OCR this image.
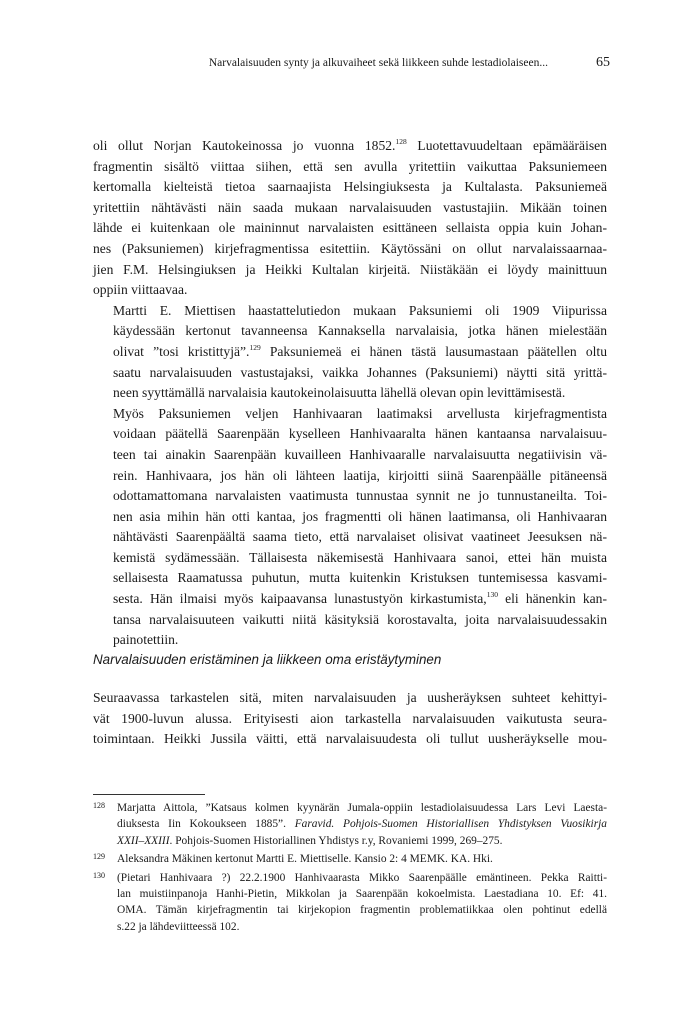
Narvalaisuuden synty ja alkuvaiheet sekä liikkeen suhde lestadiolaiseen...	65

oli ollut Norjan Kautokeinossa jo vuonna 1852.$^{128}$ Luotettavuudeltaan epämääräisen
fragmentin sisältö viittaa siihen, että sen avulla yritettiin vaikuttaa Paksuniemeen
kertomalla kielteistä tietoa saarnaajista Helsingiuksesta ja Kultalasta. Paksuniemeä
yritettiin nähtävästi näin saada mukaan narvalaisuuden vastustajiin. Mikään toinen
lähde ei kuitenkaan ole maininnut narvalaisten esittäneen sellaista oppia kuin Johan-
nes (Paksuniemen) kirjefragmentissa esitettiin. Käytössäni on ollut narvalaissaarnaa-
jien F.M. Helsingiuksen ja Heikki Kultalan kirjeitä. Niistäkään ei löydy mainittuun
oppiin viittaavaa.

Martti E. Miettisen haastattelutiedon mukaan Paksuniemi oli 1909 Viipurissa
käydessään kertonut tavanneensa Kannaksella narvalaisia, jotka hänen mielestään
olivat ”tosi kristittyjä”.$^{129}$ Paksuniemeä ei hänen tästä lausumastaan päätellen oltu
saatu narvalaisuuden vastustajaksi, vaikka Johannes (Paksuniemi) näytti sitä yrittä-
neen syyttämällä narvalaisia kautokeinolaisuutta lähellä olevan opin levittämisestä.

Myös Paksuniemen veljen Hanhivaaran laatimaksi arvellusta kirjefragmentista
voidaan päätellä Saarenpään kyselleen Hanhivaaralta hänen kantaansa narvalaisuu-
teen tai ainakin Saarenpään kuvailleen Hanhivaaralle narvalaisuutta negatiivisin vä-
rein. Hanhivaara, jos hän oli lähteen laatija, kirjoitti siinä Saarenpäälle pitäneensä
odottamattomana narvalaisten vaatimusta tunnustaa synnit ne jo tunnustaneilta. Toi-
nen asia mihin hän otti kantaa, jos fragmentti oli hänen laatimansa, oli Hanhivaaran
nähtävästi Saarenpäältä saama tieto, että narvalaiset olisivat vaatineet Jeesuksen nä-
kemistä sydämessään. Tällaisesta näkemisestä Hanhivaara sanoi, ettei hän muista
sellaisesta Raamatussa puhutun, mutta kuitenkin Kristuksen tuntemisessa kasvami-
sesta. Hän ilmaisi myös kaipaavansa lunastustyön kirkastumista,$^{130}$ eli hänenkin kan-
tansa narvalaisuuteen vaikutti niitä käsityksiä korostavalta, joita narvalaisuudessakin
painotettiin.

Narvalaisuuden eristäminen ja liikkeen oma eristäytyminen

Seuraavassa tarkastelen sitä, miten narvalaisuuden ja uusheräyksen suhteet kehittyi-
vät 1900-luvun alussa. Erityisesti aion tarkastella narvalaisuuden vaikutusta seura-
toimintaan. Heikki Jussila väitti, että narvalaisuudesta oli tullut uusheräykselle mou-

128 Marjatta Aittola, ”Katsaus kolmen kyynärän Jumala-oppiin lestadiolaisuudessa Lars Levi Laesta-
diuksesta Iin Kokoukseen 1885”. Faravid. Pohjois-Suomen Historiallisen Yhdistyksen Vuosikirja
XXII–XXIII. Pohjois-Suomen Historiallinen Yhdistys r.y, Rovaniemi 1999, 269–275.
129 Aleksandra Mäkinen kertonut Martti E. Miettiselle. Kansio 2: 4 MEMK. KA. Hki.
130 (Pietari Hanhivaara ?) 22.2.1900 Hanhivaarasta Mikko Saarenpäälle emäntineen. Pekka Raitti-
lan muistiinpanoja Hanhi-Pietin, Mikkolan ja Saarenpään kokoelmista. Laestadiana 10. Ef: 41.
OMA. Tämän kirjefragmentin tai kirjekopion fragmentin problematiikkaa olen pohtinut edellä
s.22 ja lähdeviitteessä 102.
